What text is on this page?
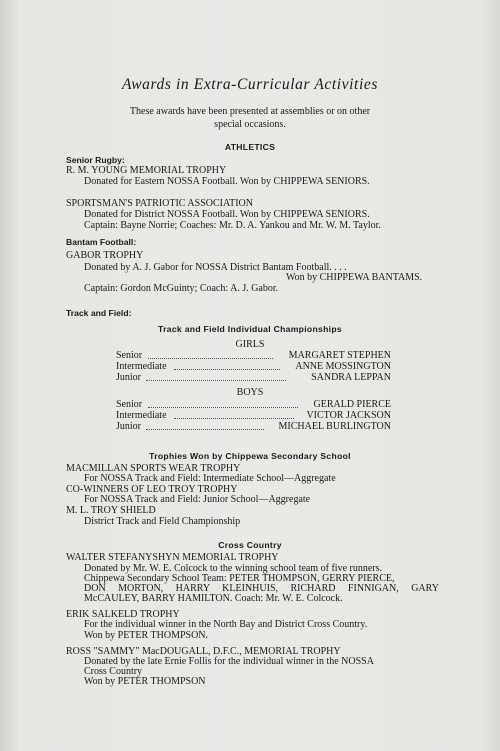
Awards in Extra-Curricular Activities
These awards have been presented at assemblies or on other
special occasions.
ATHLETICS
Senior Rugby:
R. M. YOUNG MEMORIAL TROPHY
Donated for Eastern NOSSA Football. Won by CHIPPEWA SENIORS.
SPORTSMAN'S PATRIOTIC ASSOCIATION
Donated for District NOSSA Football. Won by CHIPPEWA SENIORS.
Captain: Bayne Norrie; Coaches: Mr. D. A. Yankou and Mr. W. M. Taylor.
Bantam Football:
GABOR TROPHY
Donated by A. J. Gabor for NOSSA District Bantam Football. . . .
Won by CHIPPEWA BANTAMS.
Captain: Gordon McGuinty; Coach: A. J. Gabor.
Track and Field:
Track and Field Individual Championships
GIRLS
Senior	MARGARET STEPHEN
Intermediate	ANNE MOSSINGTON
Junior	SANDRA LEPPAN
BOYS
Senior	GERALD PIERCE
Intermediate	VICTOR JACKSON
Junior	MICHAEL BURLINGTON
Trophies Won by Chippewa Secondary School
MACMILLAN SPORTS WEAR TROPHY
For NOSSA Track and Field: Intermediate School—Aggregate
CO-WINNERS OF LEO TROY TROPHY
For NOSSA Track and Field: Junior School—Aggregate
M. L. TROY SHIELD
District Track and Field Championship
Cross Country
WALTER STEFANYSHYN MEMORIAL TROPHY
Donated by Mr. W. E. Colcock to the winning school team of five runners.
Chippewa Secondary School Team: PETER THOMPSON, GERRY PIERCE,
DON MORTON, HARRY KLEINHUIS, RICHARD FINNIGAN, GARY
McCAULEY, BARRY HAMILTON. Coach: Mr. W. E. Colcock.
ERIK SALKELD TROPHY
For the individual winner in the North Bay and District Cross Country.
Won by PETER THOMPSON.
ROSS "SAMMY" MacDOUGALL, D.F.C., MEMORIAL TROPHY
Donated by the late Ernie Follis for the individual winner in the NOSSA
Cross Country
Won by PETER THOMPSON
